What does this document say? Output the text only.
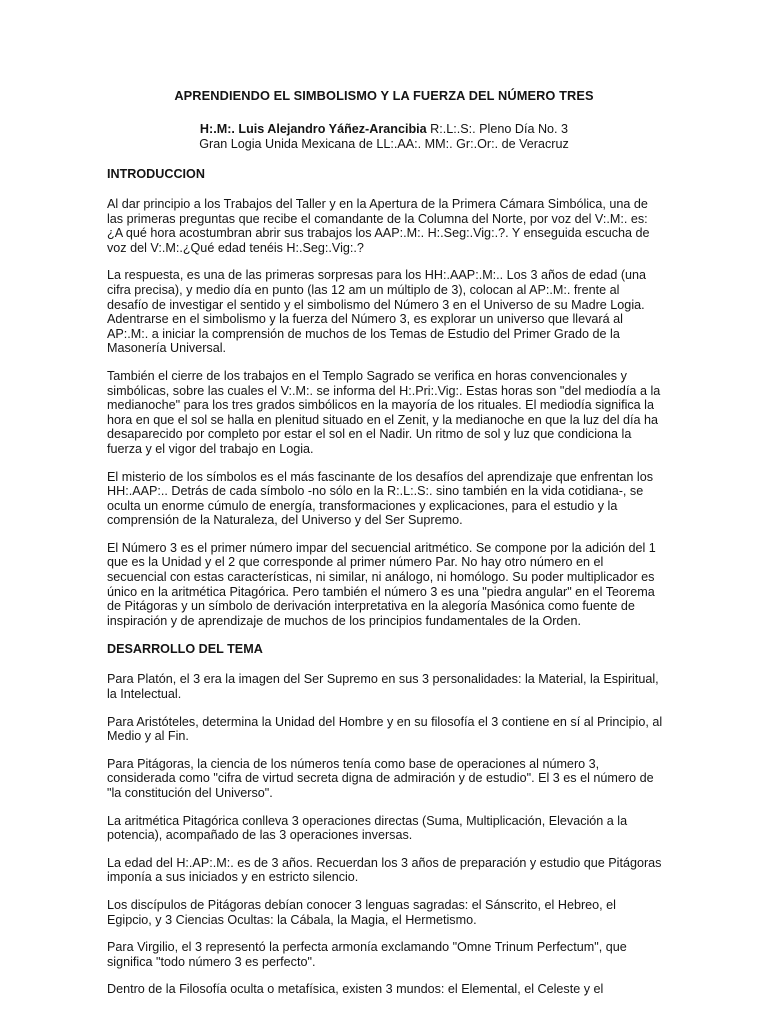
APRENDIENDO EL SIMBOLISMO Y LA FUERZA DEL NÚMERO TRES
H:.M:. Luis Alejandro Yáñez-Arancibia R:.L:.S:. Pleno Día No. 3
Gran Logia Unida Mexicana de LL:.AA:. MM:. Gr:.Or:. de Veracruz
INTRODUCCION

Al dar principio a los Trabajos del Taller y en la Apertura de la Primera Cámara Simbólica, una de las primeras preguntas que recibe el comandante de la Columna del Norte, por voz del V:.M:. es: ¿A qué hora acostumbran abrir sus trabajos los AAP:.M:. H:.Seg:.Vig:.?. Y enseguida escucha de voz del V:.M:.¿Qué edad tenéis H:.Seg:.Vig:.?

La respuesta, es una de las primeras sorpresas para los HH:.AAP:.M:.. Los 3 años de edad (una cifra precisa), y medio día en punto (las 12 am un múltiplo de 3), colocan al AP:.M:. frente al desafío de investigar el sentido y el simbolismo del Número 3 en el Universo de su Madre Logia. Adentrarse en el simbolismo y la fuerza del Número 3, es explorar un universo que llevará al AP:.M:. a iniciar la comprensión de muchos de los Temas de Estudio del Primer Grado de la Masonería Universal.

También el cierre de los trabajos en el Templo Sagrado se verifica en horas convencionales y simbólicas, sobre las cuales el V:.M:. se informa del H:.Pri:.Vig:. Estas horas son "del mediodía a la medianoche" para los tres grados simbólicos en la mayoría de los rituales. El mediodía significa la hora en que el sol se halla en plenitud situado en el Zenit, y la medianoche en que la luz del día ha desaparecido por completo por estar el sol en el Nadir. Un ritmo de sol y luz que condiciona la fuerza y el vigor del trabajo en Logia.

El misterio de los símbolos es el más fascinante de los desafíos del aprendizaje que enfrentan los HH:.AAP:.. Detrás de cada símbolo -no sólo en la R:.L:.S:. sino también en la vida cotidiana-, se oculta un enorme cúmulo de energía, transformaciones y explicaciones, para el estudio y la comprensión de la Naturaleza, del Universo y del Ser Supremo.

El Número 3 es el primer número impar del secuencial aritmético. Se compone por la adición del 1 que es la Unidad y el 2 que corresponde al primer número Par. No hay otro número en el secuencial con estas características, ni similar, ni análogo, ni homólogo. Su poder multiplicador es único en la aritmética Pitagórica. Pero también el número 3 es una "piedra angular" en el Teorema de Pitágoras y un símbolo de derivación interpretativa en la alegoría Masónica como fuente de inspiración y de aprendizaje de muchos de los principios fundamentales de la Orden.

DESARROLLO DEL TEMA

Para Platón, el 3 era la imagen del Ser Supremo en sus 3 personalidades: la Material, la Espiritual, la Intelectual.

Para Aristóteles, determina la Unidad del Hombre y en su filosofía el 3 contiene en sí al Principio, al Medio y al Fin.

Para Pitágoras, la ciencia de los números tenía como base de operaciones al número 3, considerada como "cifra de virtud secreta digna de admiración y de estudio". El 3 es el número de "la constitución del Universo".

La aritmética Pitagórica conlleva 3 operaciones directas (Suma, Multiplicación, Elevación a la potencia), acompañado de las 3 operaciones inversas.

La edad del H:.AP:.M:. es de 3 años. Recuerdan los 3 años de preparación y estudio que Pitágoras imponía a sus iniciados y en estricto silencio.

Los discípulos de Pitágoras debían conocer 3 lenguas sagradas: el Sánscrito, el Hebreo, el Egipcio, y 3 Ciencias Ocultas: la Cábala, la Magia, el Hermetismo.

Para Virgilio, el 3 representó la perfecta armonía exclamando "Omne Trinum Perfectum", que significa "todo número 3 es perfecto".

Dentro de la Filosofía oculta o metafísica, existen 3 mundos: el Elemental, el Celeste y el
